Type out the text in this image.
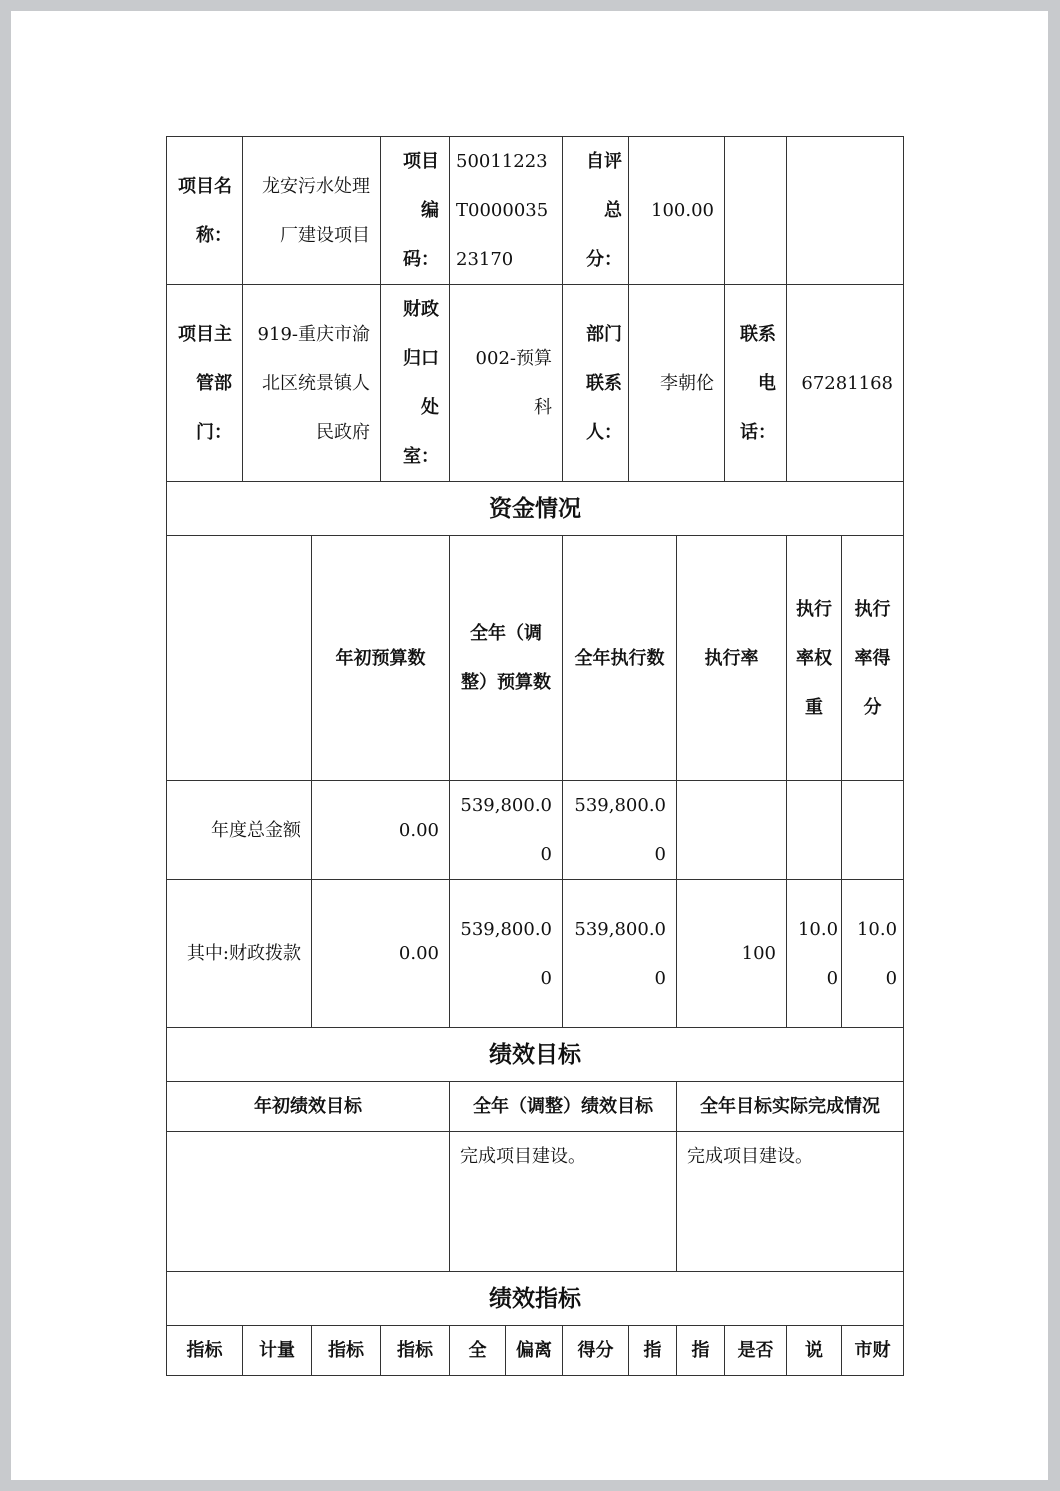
项目名称：	龙安污水处理厂建设项目		项目编码：	50011223T000003523170		自评总分：	100.00				
项目主管部门：	919-重庆市渝北区统景镇人民政府		财政归口处室：	002-预算科		部门联系人：	李朝伦		联系电话：	67281168	
资金情况											
		年初预算数		全年（调整）预算数		全年执行数		执行率		执行率权重	执行率得分
年度总金额		0.00		539,800.00		539,800.00					
其中:财政拨款		0.00		539,800.00		539,800.00		100		10.00	10.00
绩效目标											
年初绩效目标				全年（调整）绩效目标				全年目标实际完成情况			
				完成项目建设。				完成项目建设。			
绩效指标											
指标	计量	指标	指标	全	偏离	得分	指	指	是否	说	市财
